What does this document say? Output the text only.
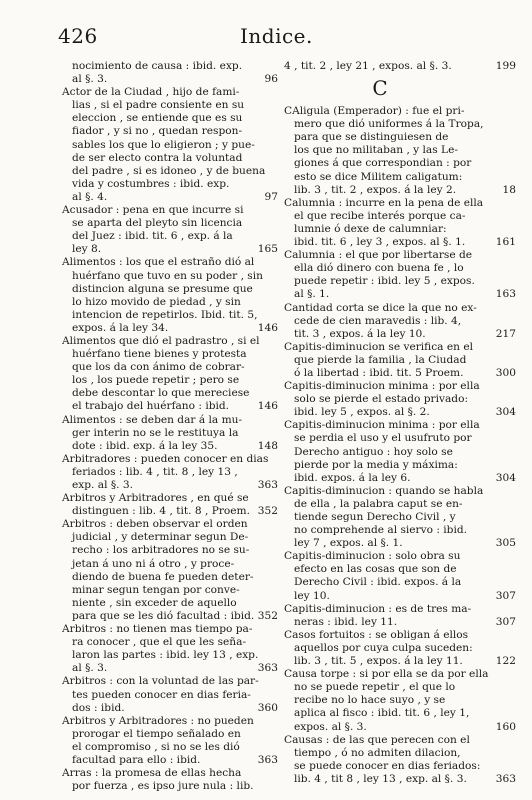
426	Indice.
nocimiento de causa : ibid. exp.
al §. 3.	96
Actor de la Ciudad , hijo de fami-
lias , si el padre consiente en su
eleccion , se entiende que es su
fiador , y si no , quedan respon-
sables los que lo eligieron ; y pue-
de ser electo contra la voluntad
del padre , si es idoneo , y de buena
vida y costumbres : ibid. exp.
al §. 4.	97
Acusador : pena en que incurre si
se aparta del pleyto sin licencia
del Juez : ibid. tit. 6 , exp. á la
ley 8.	165
Alimentos : los que el estraño dió al
huérfano que tuvo en su poder , sin
distincion alguna se presume que
lo hizo movido de piedad , y sin
intencion de repetirlos. Ibid. tit. 5,
expos. á la ley 34.	146
Alimentos que dió el padrastro , si el
huérfano tiene bienes y protesta
que los da con ánimo de cobrar-
los , los puede repetir ; pero se
debe descontar lo que mereciese
el trabajo del huérfano : ibid.	146
Alimentos : se deben dar á la mu-
ger interin no se le restituya la
dote : ibid. exp. á la ley 35.	148
Arbitradores : pueden conocer en dias
feriados : lib. 4 , tit. 8 , ley 13 ,
exp. al §. 3.	363
Arbitros y Arbitradores , en qué se
distinguen : lib. 4 , tit. 8 , Proem. 352
Arbitros : deben observar el orden
judicial , y determinar segun De-
recho : los arbitradores no se su-
jetan á uno ni á otro , y proce-
diendo de buena fe pueden deter-
minar segun tengan por conve-
niente , sin exceder de aquello
para que se les dió facultad : ibid. 352
Arbitros : no tienen mas tiempo pa-
ra conocer , que el que les seña-
laron las partes : ibid. ley 13 , exp.
al §. 3.	363
Arbitros : con la voluntad de las par-
tes pueden conocer en dias feria-
dos : ibid.	360
Arbitros y Arbitradores : no pueden
prorogar el tiempo señalado en
el compromiso , si no se les dió
facultad para ello : ibid.	363
Arras : la promesa de ellas hecha
por fuerza , es ipso jure nula : lib.
4 , tit. 2 , ley 21 , expos. al §. 3.	199
C
CAligula (Emperador) : fue el pri-
mero que dió uniformes á la Tropa,
para que se distinguiesen de
los que no militaban , y las Le-
giones á que correspondian : por
esto se dice Militem caligatum:
lib. 3 , tit. 2 , expos. á la ley 2.	18
Calumnia : incurre en la pena de ella
el que recibe interés porque ca-
lumnie ó dexe de calumniar:
ibid. tit. 6 , ley 3 , expos. al §. 1.	161
Calumnia : el que por libertarse de
ella dió dinero con buena fe , lo
puede repetir : ibid. ley 5 , expos.
al §. 1.	163
Cantidad corta se dice la que no ex-
cede de cien maravedis : lib. 4,
tit. 3 , expos. á la ley 10.	217
Capitis-diminucion se verifica en el
que pierde la familia , la Ciudad
ó la libertad : ibid. tit. 5 Proem.	300
Capitis-diminucion minima : por ella
solo se pierde el estado privado:
ibid. ley 5 , expos. al §. 2.	304
Capitis-diminucion minima : por ella
se perdia el uso y el usufruto por
Derecho antiguo : hoy solo se
pierde por la media y máxima:
ibid. expos. á la ley 6.	304
Capitis-diminucion : quando se habla
de ella , la palabra caput se en-
tiende segun Derecho Civil , y
no comprehende al siervo : ibid.
ley 7 , expos. al §. 1.	305
Capitis-diminucion : solo obra su
efecto en las cosas que son de
Derecho Civil : ibid. expos. á la
ley 10.	307
Capitis-diminucion : es de tres ma-
neras : ibid. ley 11.	307
Casos fortuitos : se obligan á ellos
aquellos por cuya culpa suceden:
lib. 3 , tit. 5 , expos. á la ley 11.	122
Causa torpe : si por ella se da por ella
no se puede repetir , el que lo
recibe no lo hace suyo , y se
aplica al fisco : ibid. tit. 6 , ley 1,
expos. al §. 3.	160
Causas : de las que perecen con el
tiempo , ó no admiten dilacion,
se puede conocer en dias feriados:
lib. 4 , tit 8 , ley 13 , exp. al §. 3.	363
